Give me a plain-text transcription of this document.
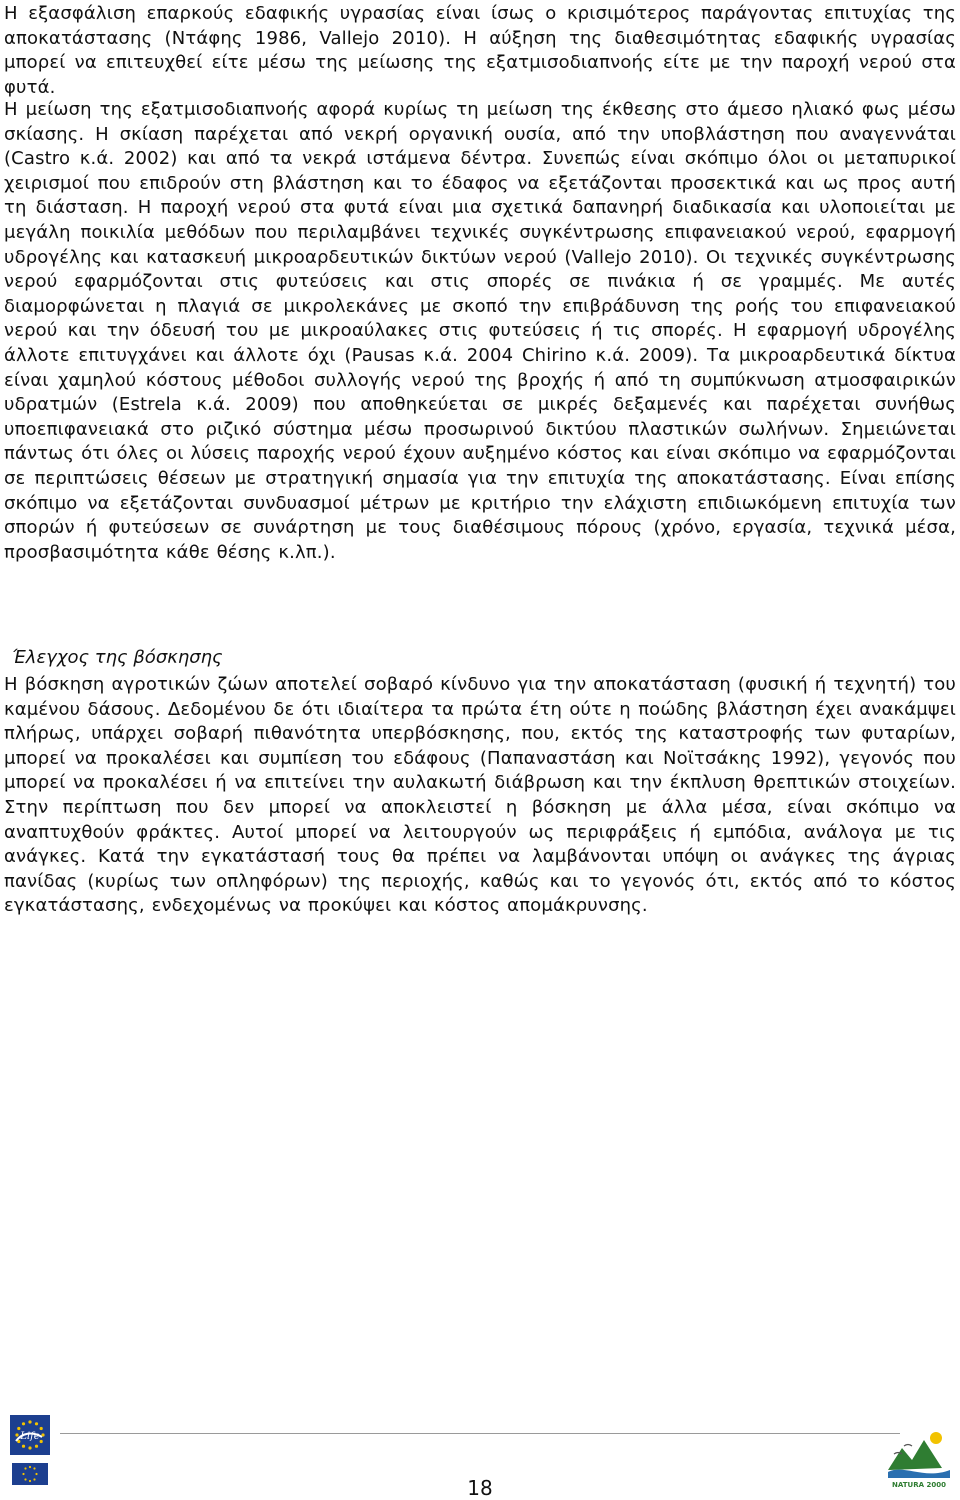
Η εξασφάλιση επαρκούς εδαφικής υγρασίας είναι ίσως ο κρισιμότερος παράγοντας επιτυχίας της αποκατάστασης (Ντάφης 1986, Vallejo 2010). Η αύξηση της διαθεσιμότητας εδαφικής υγρασίας μπορεί να επιτευχθεί είτε μέσω της μείωσης της εξατμισοδιαπνοής είτε με την παροχή νερού στα φυτά.

Η μείωση της εξατμισοδιαπνοής αφορά κυρίως τη μείωση της έκθεσης στο άμεσο ηλιακό φως μέσω σκίασης. Η σκίαση παρέχεται από νεκρή οργανική ουσία, από την υποβλάστηση που αναγεννάται (Castro κ.ά. 2002) και από τα νεκρά ιστάμενα δέντρα. Συνεπώς είναι σκόπιμο όλοι οι μεταπυρικοί χειρισμοί που επιδρούν στη βλάστηση και το έδαφος να εξετάζονται προσεκτικά και ως προς αυτή τη διάσταση. Η παροχή νερού στα φυτά είναι μια σχετικά δαπανηρή διαδικασία και υλοποιείται με μεγάλη ποικιλία μεθόδων που περιλαμβάνει τεχνικές συγκέντρωσης επιφανειακού νερού, εφαρμογή υδρογέλης και κατασκευή μικροαρδευτικών δικτύων νερού (Vallejo 2010). Οι τεχνικές συγκέντρωσης νερού εφαρμόζονται στις φυτεύσεις και στις σπορές σε πινάκια ή σε γραμμές. Με αυτές διαμορφώνεται η πλαγιά σε μικρολεκάνες με σκοπό την επιβράδυνση της ροής του επιφανειακού νερού και την όδευσή του με μικροαύλακες στις φυτεύσεις ή τις σπορές. Η εφαρμογή υδρογέλης άλλοτε επιτυγχάνει και άλλοτε όχι (Pausas κ.ά. 2004 Chirino κ.ά. 2009). Τα μικροαρδευτικά δίκτυα είναι χαμηλού κόστους μέθοδοι συλλογής νερού της βροχής ή από τη συμπύκνωση ατμοσφαιρικών υδρατμών (Estrela κ.ά. 2009) που αποθηκεύεται σε μικρές δεξαμενές και παρέχεται συνήθως υποεπιφανειακά στο ριζικό σύστημα μέσω προσωρινού δικτύου πλαστικών σωλήνων. Σημειώνεται πάντως ότι όλες οι λύσεις παροχής νερού έχουν αυξημένο κόστος και είναι σκόπιμο να εφαρμόζονται σε περιπτώσεις θέσεων με στρατηγική σημασία για την επιτυχία της αποκατάστασης. Είναι επίσης σκόπιμο να εξετάζονται συνδυασμοί μέτρων με κριτήριο την ελάχιστη επιδιωκόμενη επιτυχία των σπορών ή φυτεύσεων σε συνάρτηση με τους διαθέσιμους πόρους (χρόνο, εργασία, τεχνικά μέσα, προσβασιμότητα κάθε θέσης κ.λπ.).

Έλεγχος της βόσκησης

Η βόσκηση αγροτικών ζώων αποτελεί σοβαρό κίνδυνο για την αποκατάσταση (φυσική ή τεχνητή) του καμένου δάσους. Δεδομένου δε ότι ιδιαίτερα τα πρώτα έτη ούτε η ποώδης βλάστηση έχει ανακάμψει πλήρως, υπάρχει σοβαρή πιθανότητα υπερβόσκησης, που, εκτός της καταστροφής των φυταρίων, μπορεί να προκαλέσει και συμπίεση του εδάφους (Παπαναστάση και Νοϊτσάκης 1992), γεγονός που μπορεί να προκαλέσει ή να επιτείνει την αυλακωτή διάβρωση και την έκπλυση θρεπτικών στοιχείων. Στην περίπτωση που δεν μπορεί να αποκλειστεί η βόσκηση με άλλα μέσα, είναι σκόπιμο να αναπτυχθούν φράκτες. Αυτοί μπορεί να λειτουργούν ως περιφράξεις ή εμπόδια, ανάλογα με τις ανάγκες. Κατά την εγκατάστασή τους θα πρέπει να λαμβάνονται υπόψη οι ανάγκες της άγριας πανίδας (κυρίως των οπληφόρων) της περιοχής, καθώς και το γεγονός ότι, εκτός από το κόστος εγκατάστασης, ενδεχομένως να προκύψει και κόστος απομάκρυνσης.

Life
18	NATURA 2000
